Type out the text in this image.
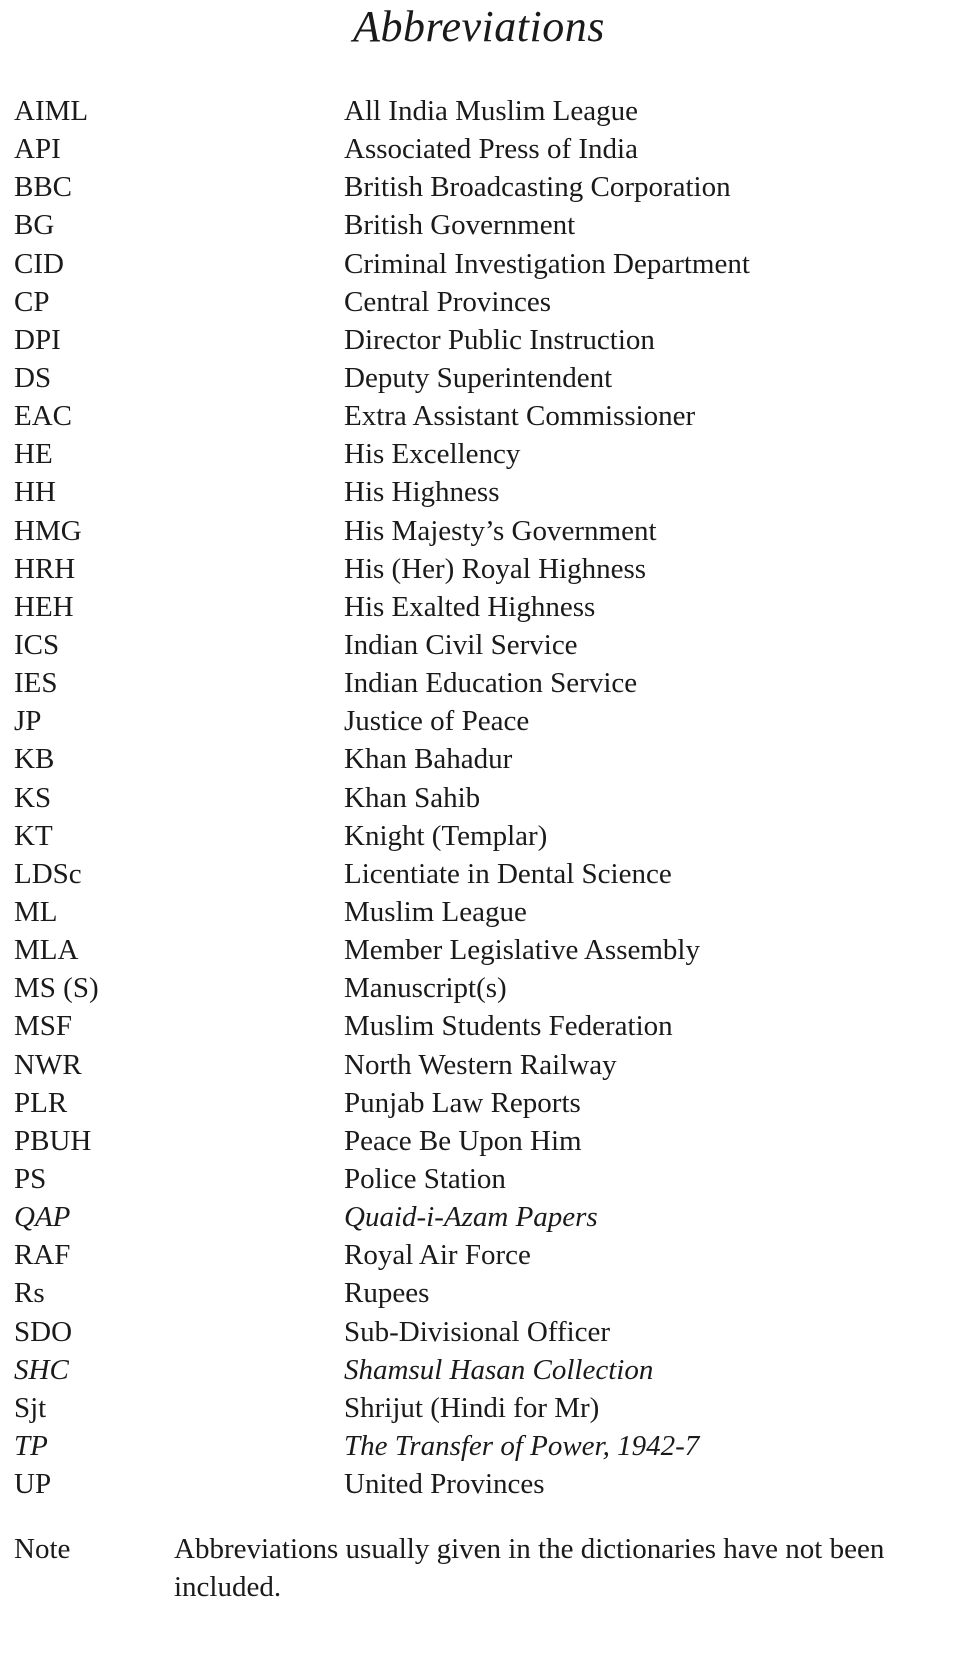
Abbreviations
AIML	All India Muslim League
API	Associated Press of India
BBC	British Broadcasting Corporation
BG	British Government
CID	Criminal Investigation Department
CP	Central Provinces
DPI	Director Public Instruction
DS	Deputy Superintendent
EAC	Extra Assistant Commissioner
HE	His Excellency
HH	His Highness
HMG	His Majesty’s Government
HRH	His (Her) Royal Highness
HEH	His Exalted Highness
ICS	Indian Civil Service
IES	Indian Education Service
JP	Justice of Peace
KB	Khan Bahadur
KS	Khan Sahib
KT	Knight (Templar)
LDSc	Licentiate in Dental Science
ML	Muslim League
MLA	Member Legislative Assembly
MS (S)	Manuscript(s)
MSF	Muslim Students Federation
NWR	North Western Railway
PLR	Punjab Law Reports
PBUH	Peace Be Upon Him
PS	Police Station
QAP	Quaid-i-Azam Papers
RAF	Royal Air Force
Rs	Rupees
SDO	Sub-Divisional Officer
SHC	Shamsul Hasan Collection
Sjt	Shrijut (Hindi for Mr)
TP	The Transfer of Power, 1942-7
UP	United Provinces
Note	Abbreviations usually given in the dictionaries have not been included.
